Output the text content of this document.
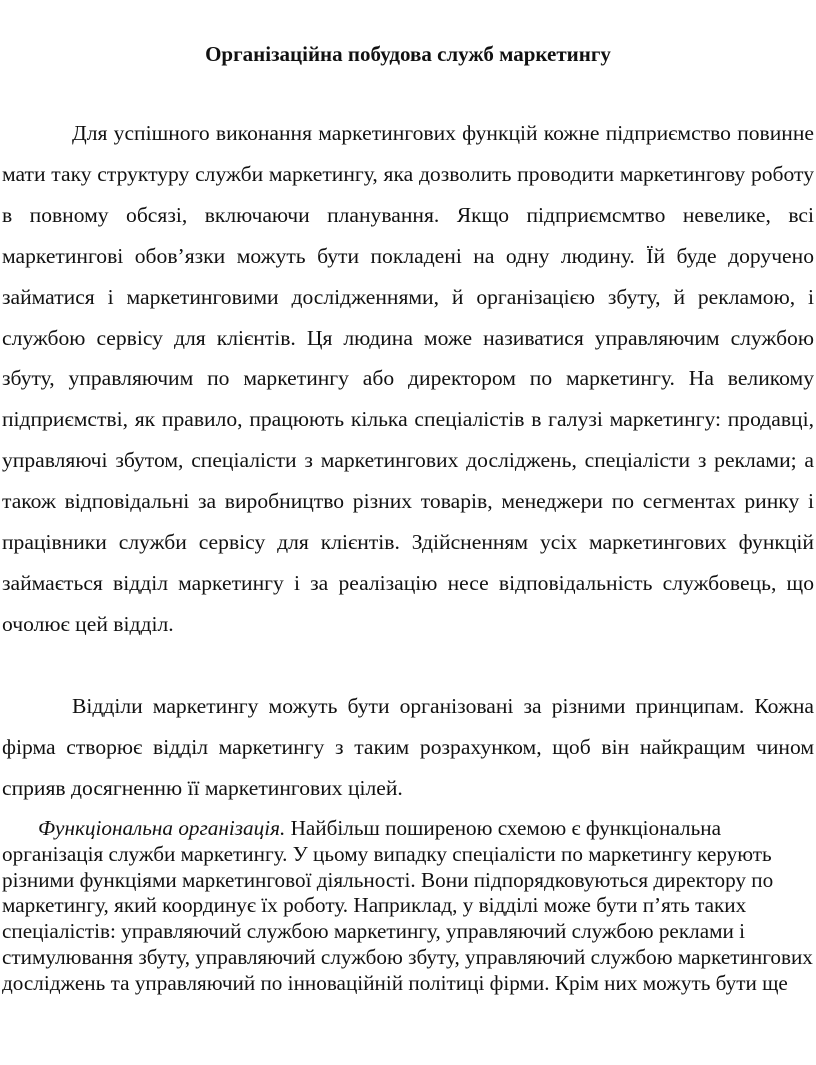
Організаційна побудова служб маркетингу

Для успішного виконання маркетингових функцій кожне підприємство повинне мати таку структуру служби маркетингу, яка дозволить проводити маркетингову роботу в повному обсязі, включаючи планування. Якщо підприємсмтво невелике, всі маркетингові обов’язки можуть бути покладені на одну людину. Їй буде доручено займатися і маркетинговими дослідженнями, й організацією збуту, й рекламою, і службою сервісу для клієнтів. Ця людина може називатися управляючим службою збуту, управляючим по маркетингу або директором по маркетингу. На великому підприємстві, як правило, працюють кілька спеціалістів в галузі маркетингу: продавці, управляючі збутом, спеціалісти з маркетингових досліджень, спеціалісти з реклами; а також відповідальні за виробництво різних товарів, менеджери по сегментах ринку і працівники служби сервісу для клієнтів. Здійсненням усіх маркетингових функцій займається відділ маркетингу і за реалізацію несе відповідальність службовець, що очолює цей відділ.

Відділи маркетингу можуть бути організовані за різними принципам. Кожна фірма створює відділ маркетингу з таким розрахунком, щоб він найкращим чином сприяв досягненню її маркетингових цілей.

Функціональна організація. Найбільш поширеною схемою є функціональна організація служби маркетингу. У цьому випадку спеціалісти по маркетингу керують різними функціями маркетингової діяльності. Вони підпорядковуються директору по маркетингу, який координує їх роботу. Наприклад, у відділі може бути п’ять таких спеціалістів: управляючий службою маркетингу, управляючий службою реклами і стимулювання збуту, управляючий службою збуту, управляючий службою маркетингових досліджень та управляючий по інноваційній політиці фірми. Крім них можуть бути ще
